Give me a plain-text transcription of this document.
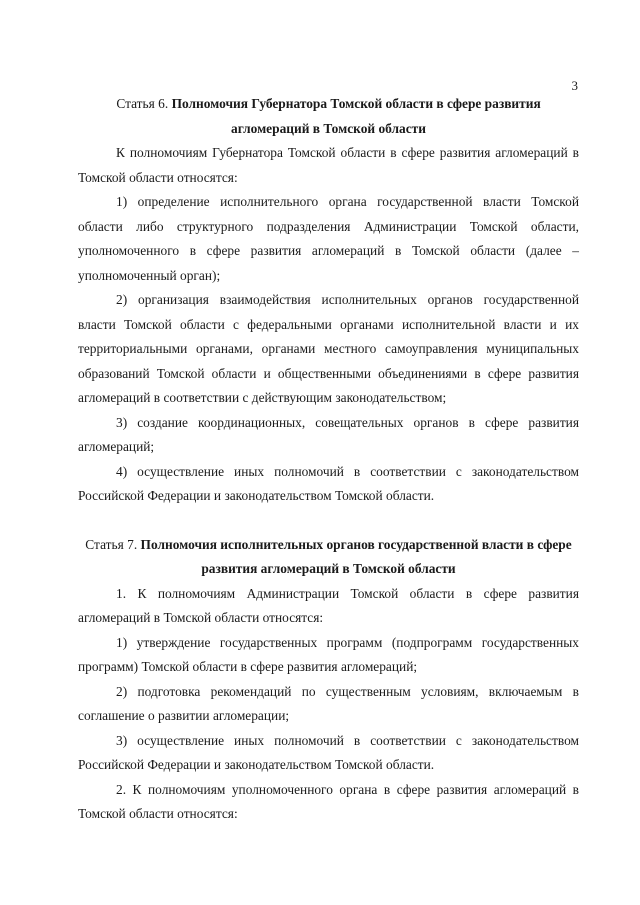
3

Статья 6. Полномочия Губернатора Томской области в сфере развития агломераций в Томской области

К полномочиям Губернатора Томской области в сфере развития агломераций в Томской области относятся:

1) определение исполнительного органа государственной власти Томской области либо структурного подразделения Администрации Томской области, уполномоченного в сфере развития агломераций в Томской области (далее – уполномоченный орган);

2) организация взаимодействия исполнительных органов государственной власти Томской области с федеральными органами исполнительной власти и их территориальными органами, органами местного самоуправления муниципальных образований Томской области и общественными объединениями в сфере развития агломераций в соответствии с действующим законодательством;

3) создание координационных, совещательных органов в сфере развития агломераций;

4) осуществление иных полномочий в соответствии с законодательством Российской Федерации и законодательством Томской области.

Статья 7. Полномочия исполнительных органов государственной власти в сфере развития агломераций в Томской области

1. К полномочиям Администрации Томской области в сфере развития агломераций в Томской области относятся:

1) утверждение государственных программ (подпрограмм государственных программ) Томской области в сфере развития агломераций;

2) подготовка рекомендаций по существенным условиям, включаемым в соглашение о развитии агломерации;

3) осуществление иных полномочий в соответствии с законодательством Российской Федерации и законодательством Томской области.

2. К полномочиям уполномоченного органа в сфере развития агломераций в Томской области относятся:
